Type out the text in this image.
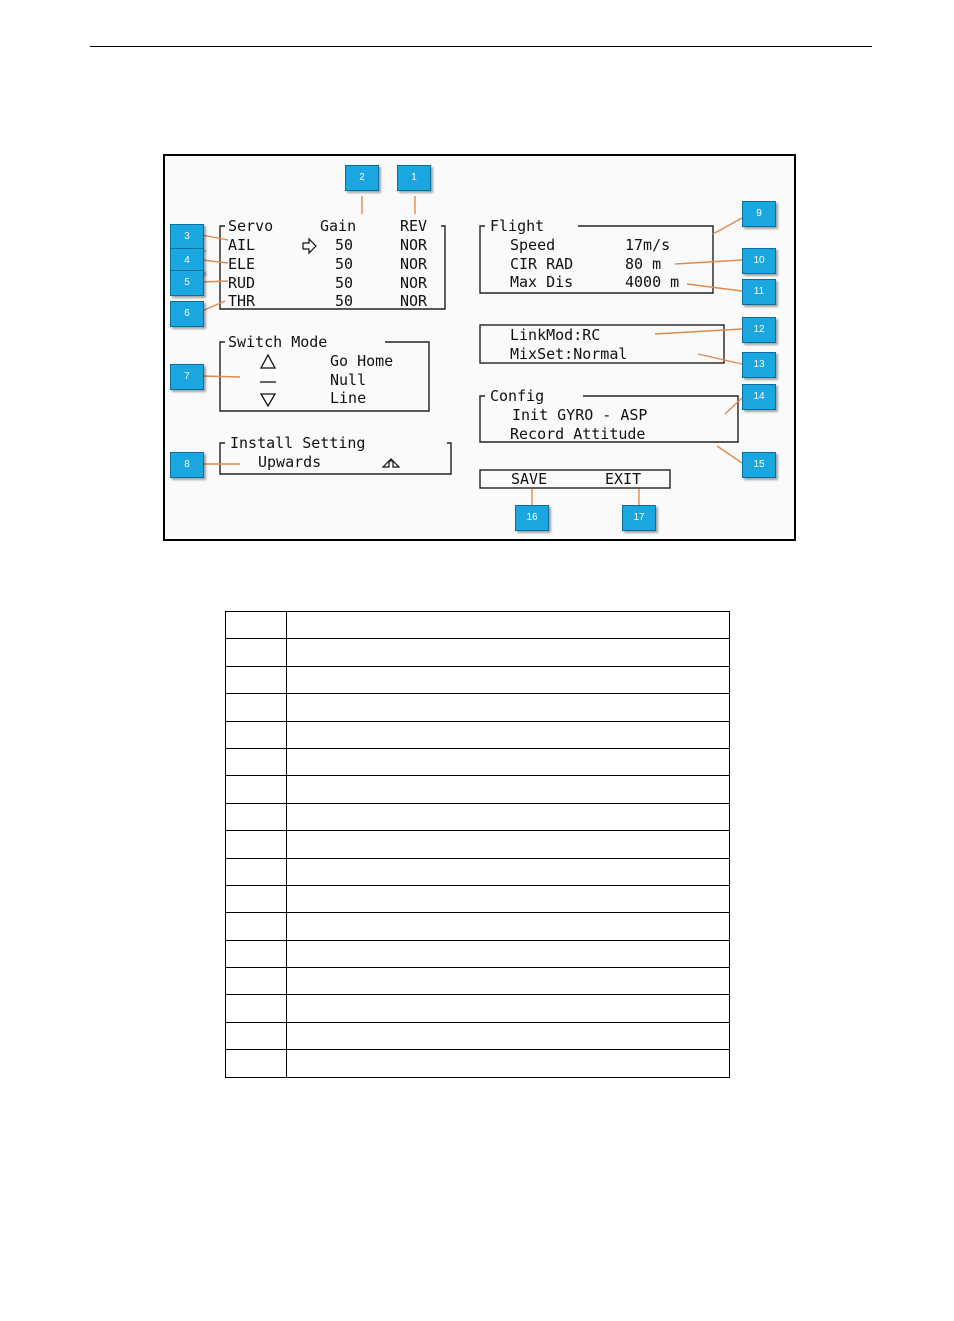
Servo	Gain	REV
AIL	50	NOR
ELE	50	NOR
RUD	50	NOR
THR	50	NOR
Flight
Speed	17m/s
CIR RAD	80 m
Max Dis	4000 m
Switch Mode
Go Home
Null
Line
LinkMod:RC
MixSet:Normal
Config
Init GYRO - ASP
Record Attitude
Install Setting
Upwards
SAVE	EXIT
1
2
3
4
5
6
7
8
9
10
11
12
13
14
15
16	17
